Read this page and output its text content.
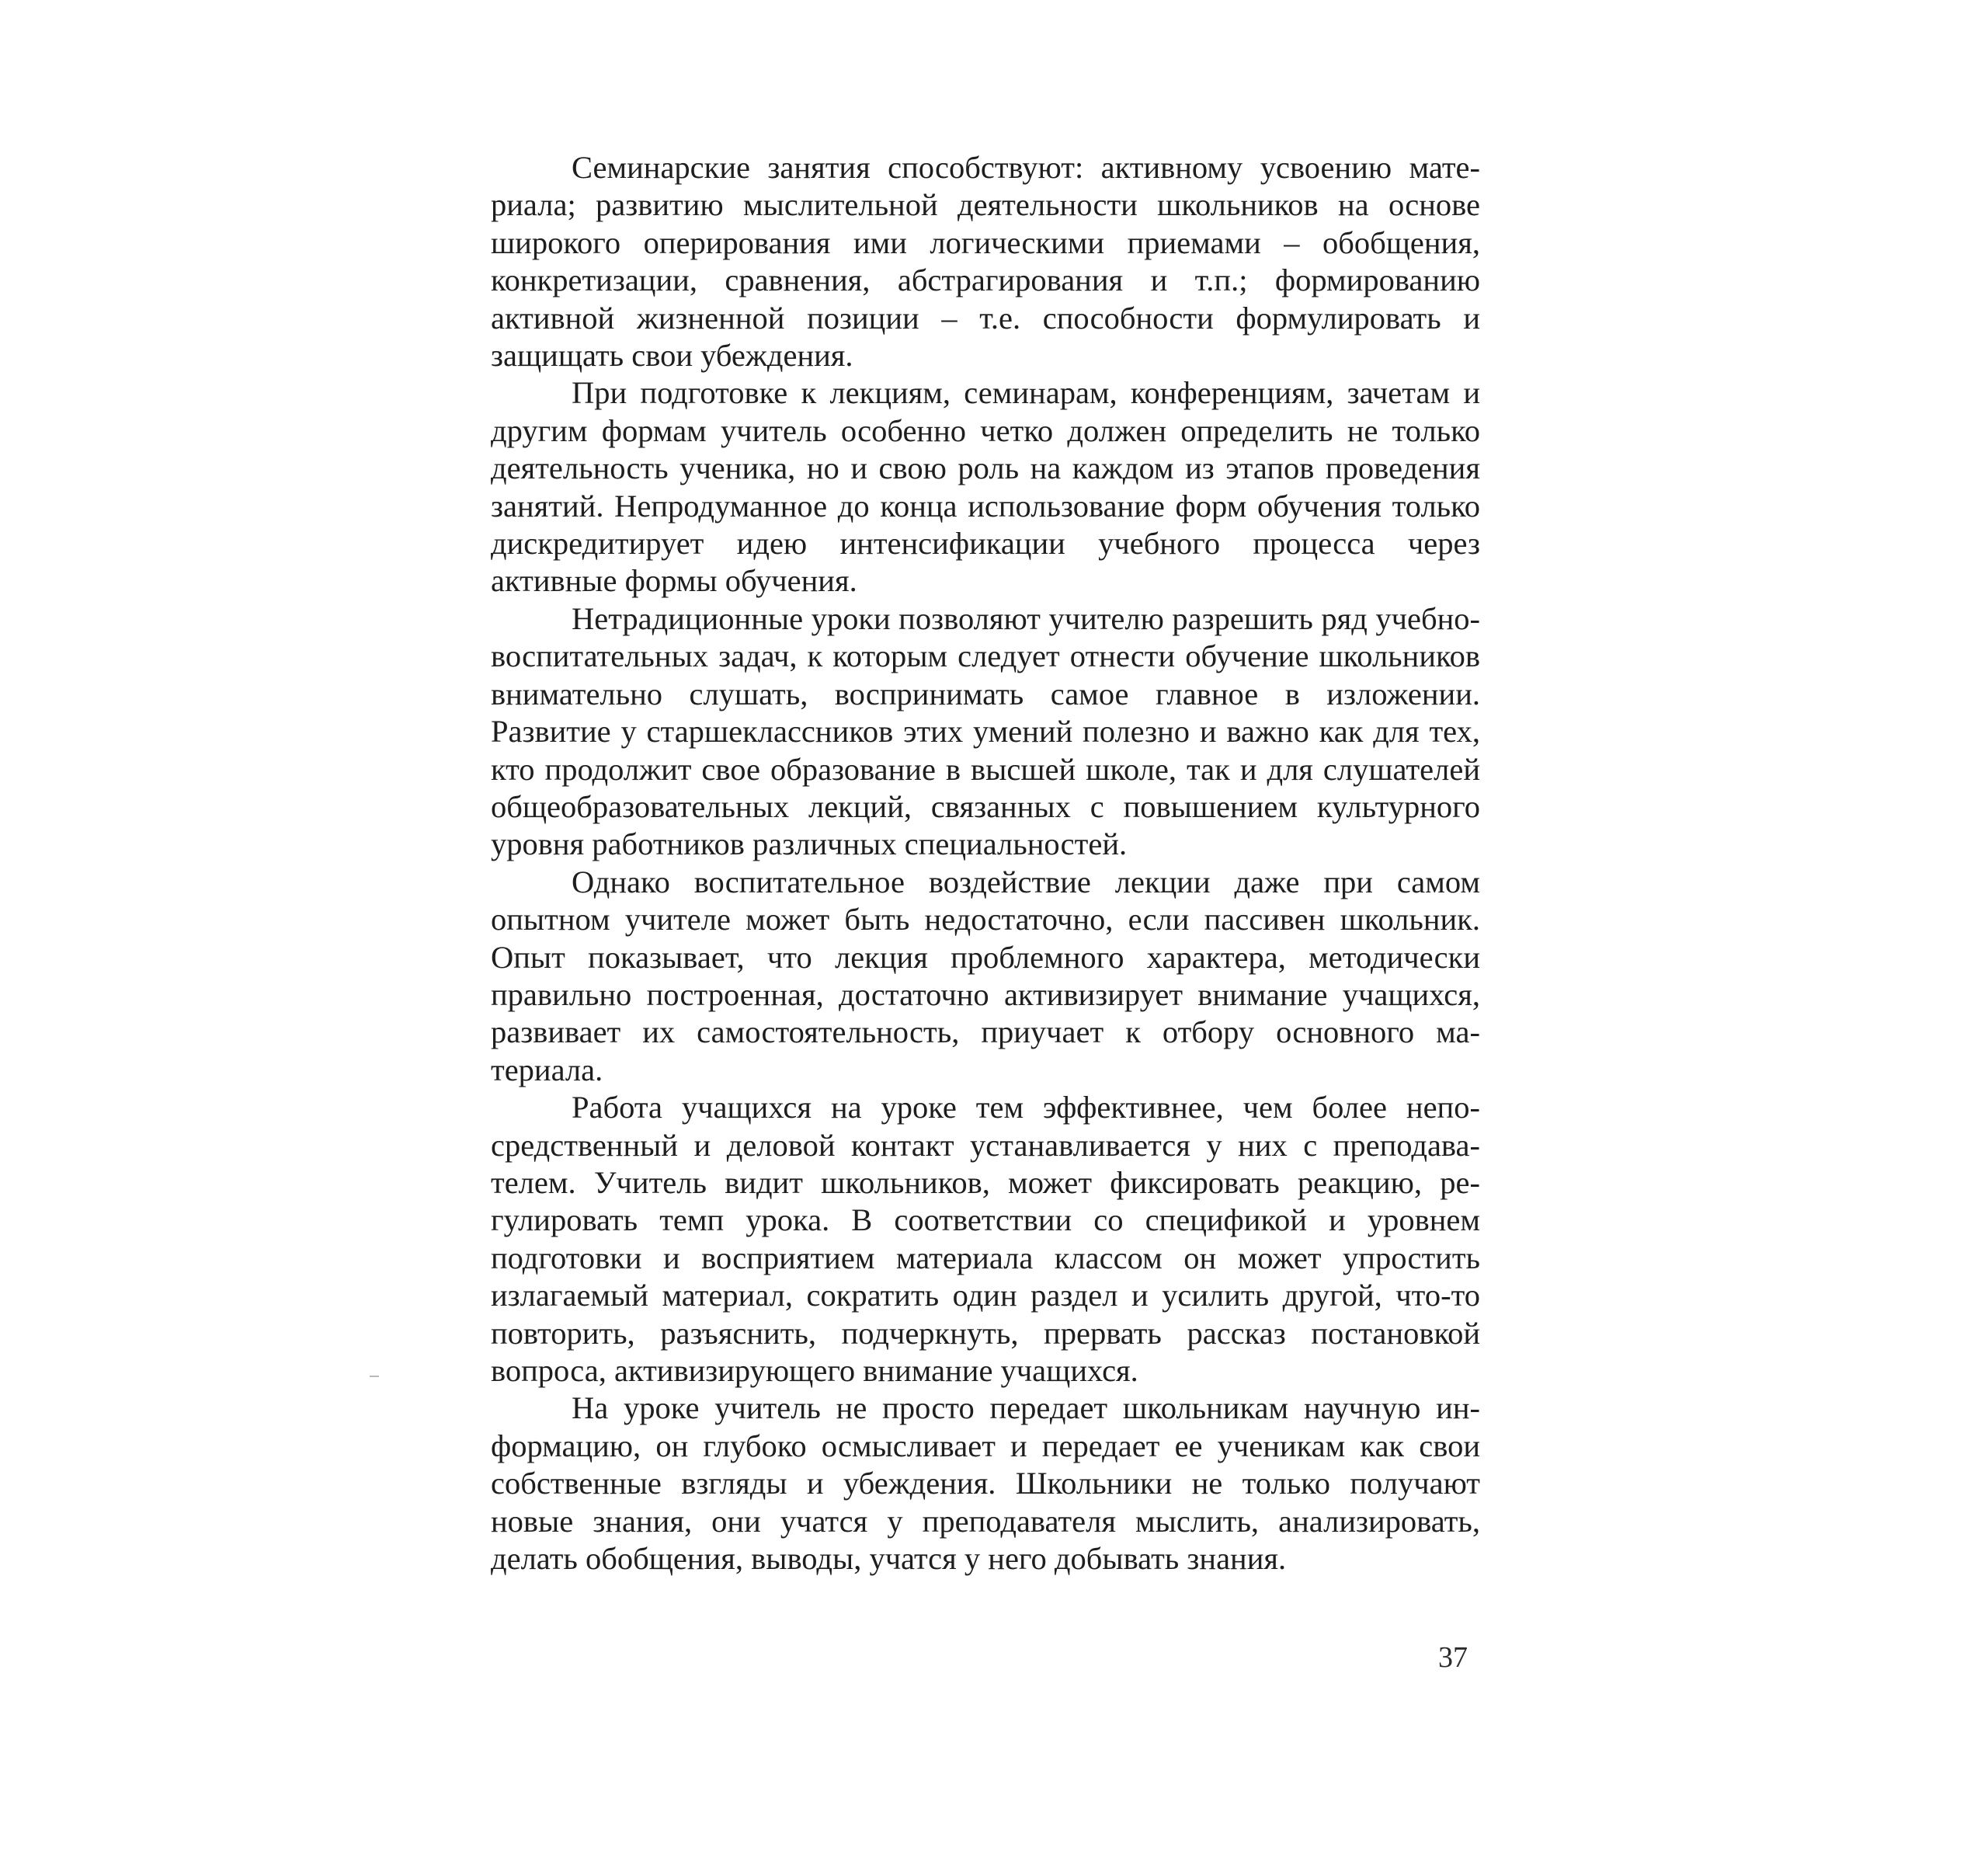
Семинарские занятия способствуют: активному усвоению материала; развитию мыслительной деятельности школьников на основе широкого оперирования ими логическими приемами – обобщения, конкретизации, сравнения, абстрагирования и т.п.; формированию активной жизненной позиции – т.е. способности формулировать и защищать свои убеждения.

При подготовке к лекциям, семинарам, конференциям, зачетам и другим формам учитель особенно четко должен определить не только деятельность ученика, но и свою роль на каждом из этапов проведения занятий. Непродуманное до конца использование форм обучения только дискредитирует идею интенсификации учебного процесса через активные формы обучения.

Нетрадиционные уроки позволяют учителю разрешить ряд учебно-воспитательных задач, к которым следует отнести обучение школьников внимательно слушать, воспринимать самое главное в изложении. Развитие у старшеклассников этих умений полезно и важно как для тех, кто продолжит свое образование в высшей школе, так и для слушателей общеобразовательных лекций, связанных с повышением культурного уровня работников различных специальностей.

Однако воспитательное воздействие лекции даже при самом опытном учителе может быть недостаточно, если пассивен школьник. Опыт показывает, что лекция проблемного характера, методически правильно построенная, достаточно активизирует внимание учащихся, развивает их самостоятельность, приучает к отбору основного материала.

Работа учащихся на уроке тем эффективнее, чем более непосредственный и деловой контакт устанавливается у них с преподавателем. Учитель видит школьников, может фиксировать реакцию, регулировать темп урока. В соответствии со спецификой и уровнем подготовки и восприятием материала классом он может упростить излагаемый материал, сократить один раздел и усилить другой, что-то повторить, разъяснить, подчеркнуть, прервать рассказ постановкой вопроса, активизирующего внимание учащихся.

На уроке учитель не просто передает школьникам научную информацию, он глубоко осмысливает и передает ее ученикам как свои собственные взгляды и убеждения. Школьники не только получают новые знания, они учатся у преподавателя мыслить, анализировать, делать обобщения, выводы, учатся у него добывать знания.

37
